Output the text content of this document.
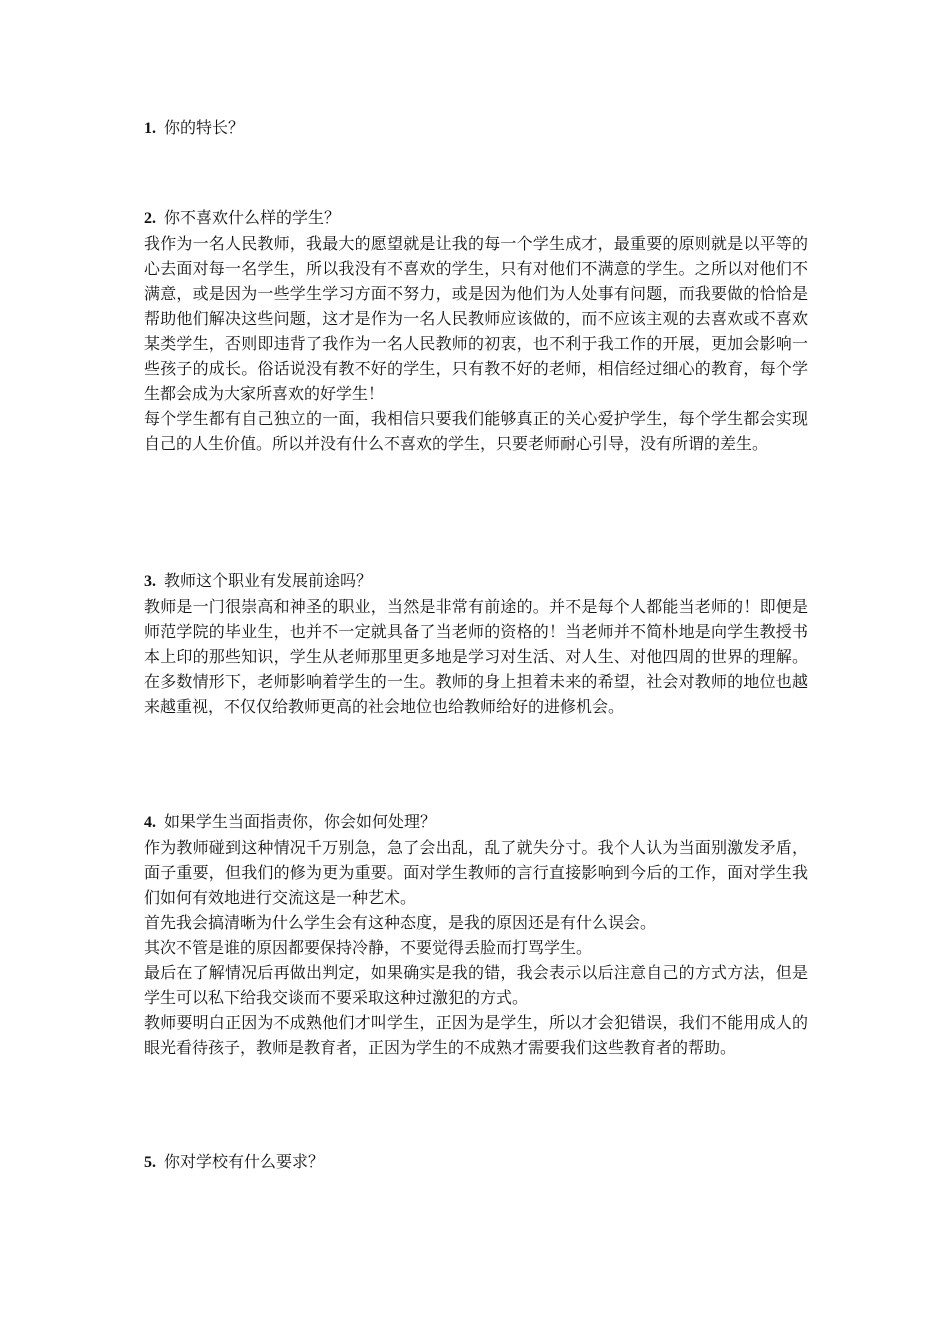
1. 你的特长？

2. 你不喜欢什么样的学生？

我作为一名人民教师，我最大的愿望就是让我的每一个学生成才，最重要的原则就是以平等的心去面对每一名学生，所以我没有不喜欢的学生，只有对他们不满意的学生。之所以对他们不满意，或是因为一些学生学习方面不努力，或是因为他们为人处事有问题，而我要做的恰恰是帮助他们解决这些问题，这才是作为一名人民教师应该做的，而不应该主观的去喜欢或不喜欢某类学生，否则即违背了我作为一名人民教师的初衷，也不利于我工作的开展，更加会影响一些孩子的成长。俗话说没有教不好的学生，只有教不好的老师，相信经过细心的教育，每个学生都会成为大家所喜欢的好学生！

每个学生都有自己独立的一面，我相信只要我们能够真正的关心爱护学生，每个学生都会实现自己的人生价值。所以并没有什么不喜欢的学生，只要老师耐心引导，没有所谓的差生。

3. 教师这个职业有发展前途吗？

教师是一门很崇高和神圣的职业，当然是非常有前途的。并不是每个人都能当老师的！即便是师范学院的毕业生，也并不一定就具备了当老师的资格的！当老师并不简朴地是向学生教授书本上印的那些知识，学生从老师那里更多地是学习对生活、对人生、对他四周的世界的理解。在多数情形下，老师影响着学生的一生。教师的身上担着未来的希望，社会对教师的地位也越来越重视，不仅仅给教师更高的社会地位也给教师给好的进修机会。

4. 如果学生当面指责你，你会如何处理？

作为教师碰到这种情况千万别急，急了会出乱，乱了就失分寸。我个人认为当面别激发矛盾，面子重要，但我们的修为更为重要。面对学生教师的言行直接影响到今后的工作，面对学生我们如何有效地进行交流这是一种艺术。

首先我会搞清晰为什么学生会有这种态度，是我的原因还是有什么误会。

其次不管是谁的原因都要保持冷静，不要觉得丢脸而打骂学生。

最后在了解情况后再做出判定，如果确实是我的错，我会表示以后注意自己的方式方法，但是学生可以私下给我交谈而不要采取这种过激犯的方式。

教师要明白正因为不成熟他们才叫学生，正因为是学生，所以才会犯错误，我们不能用成人的眼光看待孩子，教师是教育者，正因为学生的不成熟才需要我们这些教育者的帮助。

5. 你对学校有什么要求？
